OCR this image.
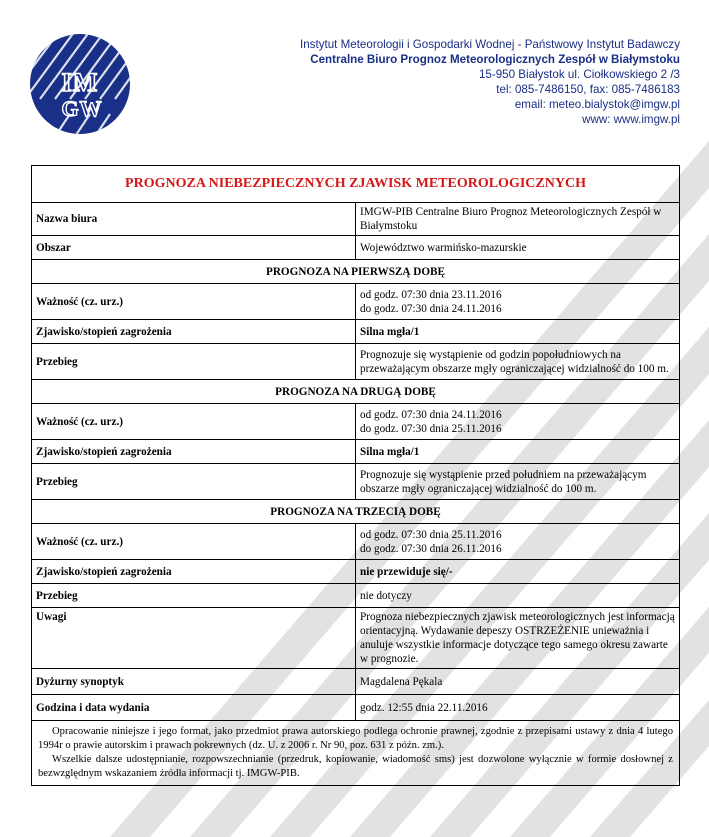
IM
GW
Instytut Meteorologii i Gospodarki Wodnej - Państwowy Instytut Badawczy
Centralne Biuro Prognoz Meteorologicznych Zespół w Białymstoku
15-950 Białystok ul. Ciołkowskiego 2 /3
tel: 085-7486150, fax: 085-7486183
email: meteo.bialystok@imgw.pl
www: www.imgw.pl
PROGNOZA NIEBEZPIECZNYCH ZJAWISK METEOROLOGICZNYCH	
Nazwa biura	IMGW-PIB Centralne Biuro Prognoz Meteorologicznych Zespół w Białymstoku
Obszar	Województwo warmińsko-mazurskie
PROGNOZA NA PIERWSZĄ DOBĘ	
Ważność (cz. urz.)	od godz. 07:30 dnia 23.11.2016
do godz. 07:30 dnia 24.11.2016

Zjawisko/stopień zagrożenia	Silna mgła/1
Przebieg	Prognozuje się wystąpienie od godzin popołudniowych na przeważającym obszarze mgły ograniczającej widzialność do 100 m.
PROGNOZA NA DRUGĄ DOBĘ	
Ważność (cz. urz.)	od godz. 07:30 dnia 24.11.2016
do godz. 07:30 dnia 25.11.2016

Zjawisko/stopień zagrożenia	Silna mgła/1
Przebieg	Prognozuje się wystąpienie przed południem na przeważającym obszarze mgły ograniczającej widzialność do 100 m.
PROGNOZA NA TRZECIĄ DOBĘ	
Ważność (cz. urz.)	od godz. 07:30 dnia 25.11.2016
do godz. 07:30 dnia 26.11.2016

Zjawisko/stopień zagrożenia	nie przewiduje się/-
Przebieg	nie dotyczy
Uwagi	Prognoza niebezpiecznych zjawisk meteorologicznych jest informacją orientacyjną. Wydawanie depeszy OSTRZEŻENIE unieważnia i anuluje wszystkie informacje dotyczące tego samego okresu zawarte w prognozie.
Dyżurny synoptyk	Magdalena Pękala
Godzina i data wydania	godz. 12:55 dnia 22.11.2016

Opracowanie niniejsze i jego format, jako przedmiot prawa autorskiego podlega ochronie prawnej, zgodnie z przepisami ustawy z dnia 4 lutego 1994r o prawie autorskim i prawach pokrewnych (dz. U. z 2006 r. Nr 90, poz. 631 z późn. zm.).

Wszelkie dalsze udostępnianie, rozpowszechnianie (przedruk, kopiowanie, wiadomość sms) jest dozwolone wyłącznie w formie dosłownej z bezwzględnym wskazaniem źródła informacji tj. IMGW-PIB.
